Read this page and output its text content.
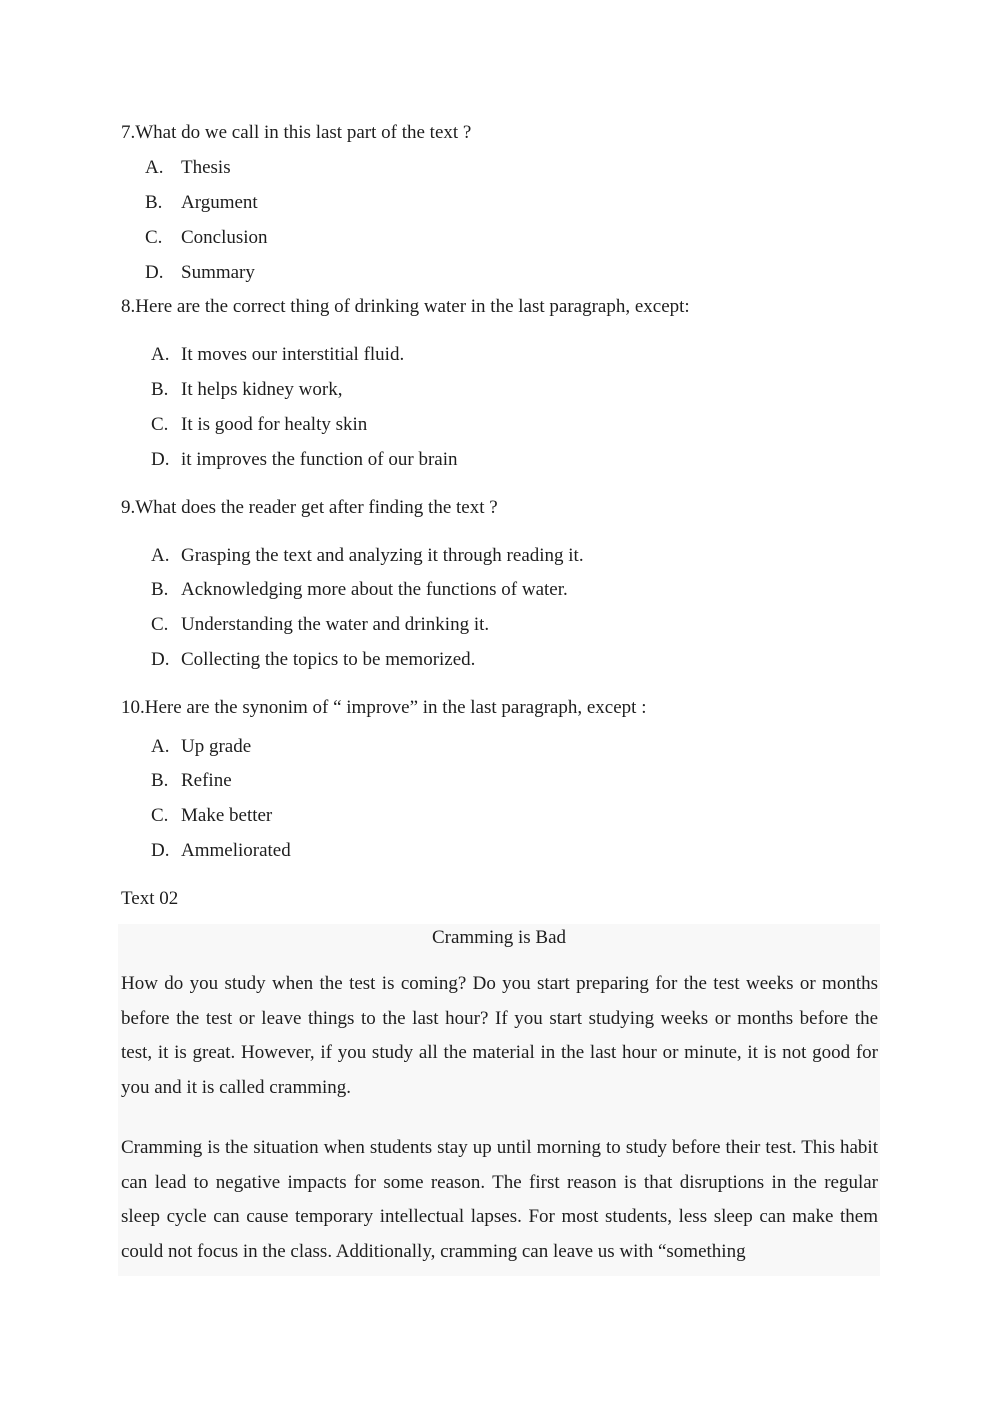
7.What do we call in this last part of the text ?
A. Thesis
B. Argument
C. Conclusion
D. Summary
8.Here are the correct thing of drinking water in the last paragraph, except:
A. It moves our interstitial fluid.
B. It helps kidney work,
C. It is good for healty skin
D. it improves the function of our brain
9.What does the reader get after finding the text ?
A. Grasping the text and analyzing it through reading it.
B. Acknowledging more about the functions of water.
C. Understanding the water and drinking it.
D. Collecting the topics to be memorized.
10.Here are the synonim of “ improve” in the last paragraph, except :
A. Up grade
B. Refine
C. Make better
D. Ammeliorated
Text 02
Cramming is Bad
How do you study when the test is coming? Do you start preparing for the test weeks or months before the test or leave things to the last hour? If you start studying weeks or months before the test, it is great. However, if you study all the material in the last hour or minute, it is not good for you and it is called cramming.
Cramming is the situation when students stay up until morning to study before their test. This habit can lead to negative impacts for some reason. The first reason is that disruptions in the regular sleep cycle can cause temporary intellectual lapses. For most students, less sleep can make them could not focus in the class. Additionally, cramming can leave us with “something
